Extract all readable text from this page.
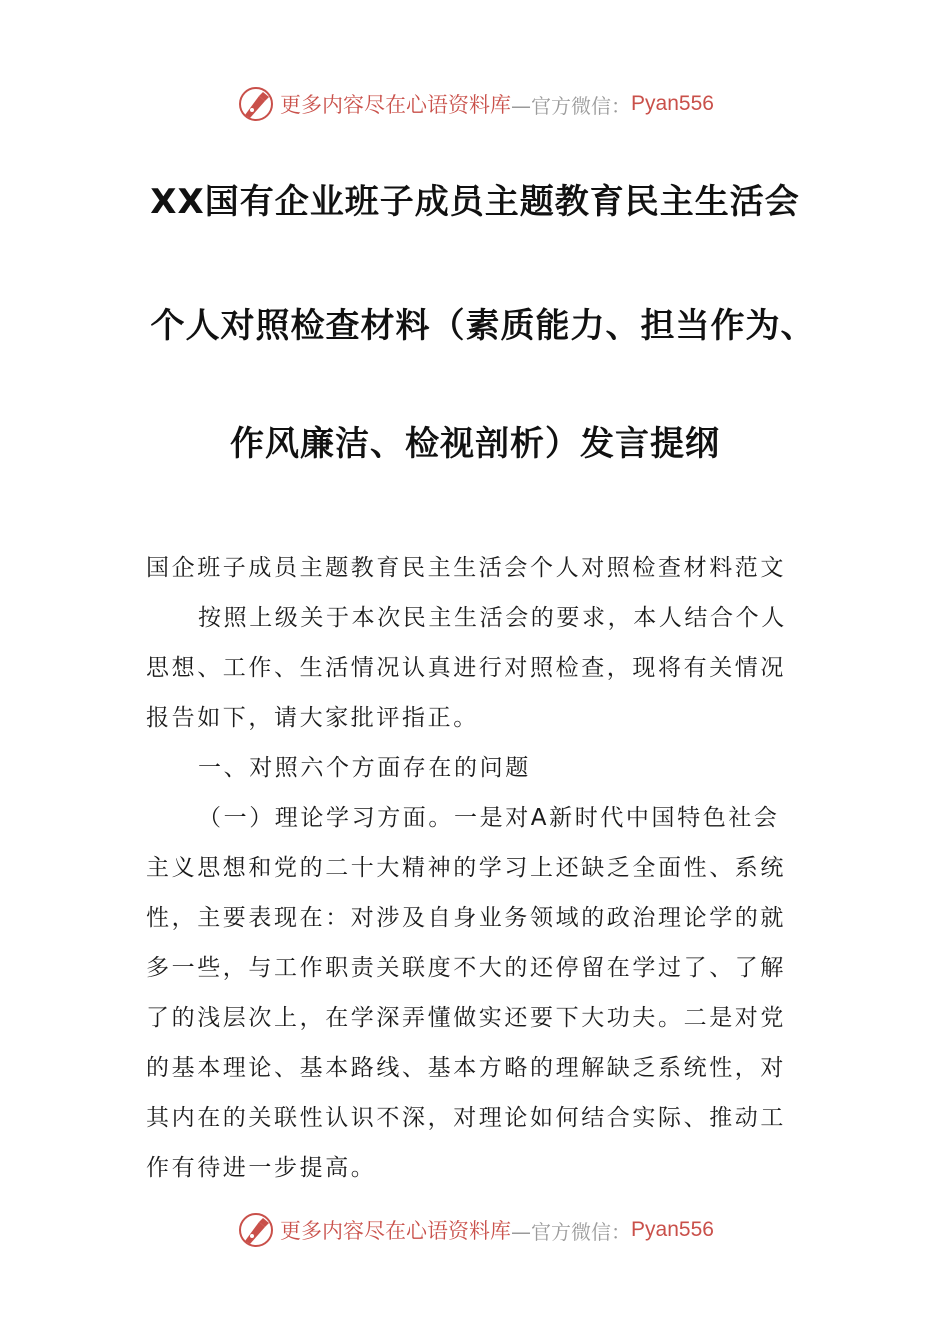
更多内容尽在心语资料库 —官方微信： Pyan556
XX国有企业班子成员主题教育民主生活会
个人对照检查材料（素质能力、担当作为、
作风廉洁、检视剖析）发言提纲
国企班子成员主题教育民主生活会个人对照检查材料范文
按照上级关于本次民主生活会的要求，本人结合个人
思想、工作、生活情况认真进行对照检查，现将有关情况
报告如下，请大家批评指正。
一、对照六个方面存在的问题
（一）理论学习方面。一是对A新时代中国特色社会
主义思想和党的二十大精神的学习上还缺乏全面性、系统
性，主要表现在：对涉及自身业务领域的政治理论学的就
多一些，与工作职责关联度不大的还停留在学过了、了解
了的浅层次上，在学深弄懂做实还要下大功夫。二是对党
的基本理论、基本路线、基本方略的理解缺乏系统性，对
其内在的关联性认识不深，对理论如何结合实际、推动工
作有待进一步提高。
更多内容尽在心语资料库 —官方微信： Pyan556
